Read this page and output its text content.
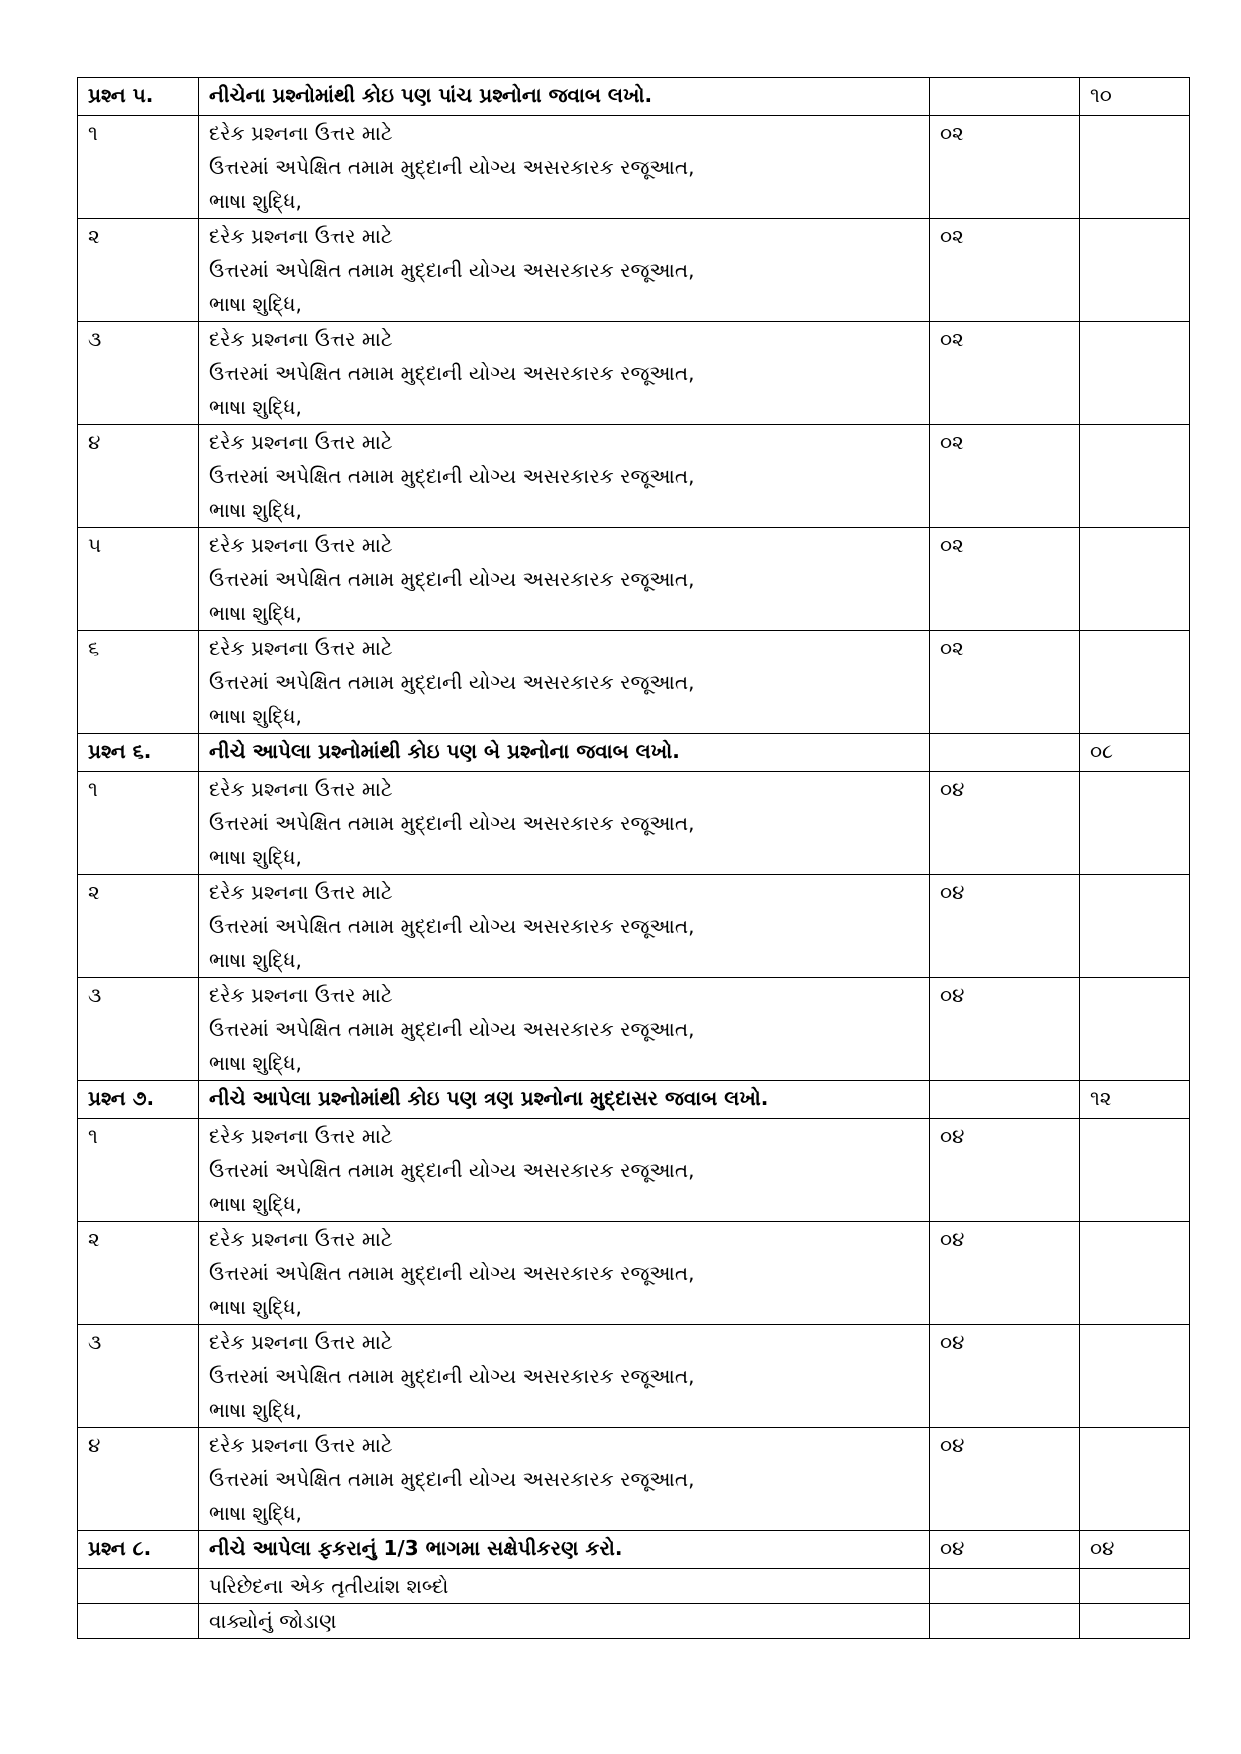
પ્રશ્ન ૫.	નીચેના પ્રશ્નોમાંથી કોઇ પણ પાંચ પ્રશ્નોના જવાબ લખો.		૧૦
૧	દરેક પ્રશ્નના ઉત્તર માટે
ઉત્તરમાં અપેક્ષિત તમામ મુદ્દાની યોગ્ય અસરકારક રજૂઆત,
ભાષા શુદ્ધિ,	૦૨	
૨	દરેક પ્રશ્નના ઉત્તર માટે
ઉત્તરમાં અપેક્ષિત તમામ મુદ્દાની યોગ્ય અસરકારક રજૂઆત,
ભાષા શુદ્ધિ,	૦૨	
૩	દરેક પ્રશ્નના ઉત્તર માટે
ઉત્તરમાં અપેક્ષિત તમામ મુદ્દાની યોગ્ય અસરકારક રજૂઆત,
ભાષા શુદ્ધિ,	૦૨	
૪	દરેક પ્રશ્નના ઉત્તર માટે
ઉત્તરમાં અપેક્ષિત તમામ મુદ્દાની યોગ્ય અસરકારક રજૂઆત,
ભાષા શુદ્ધિ,	૦૨	
૫	દરેક પ્રશ્નના ઉત્તર માટે
ઉત્તરમાં અપેક્ષિત તમામ મુદ્દાની યોગ્ય અસરકારક રજૂઆત,
ભાષા શુદ્ધિ,	૦૨	
૬	દરેક પ્રશ્નના ઉત્તર માટે
ઉત્તરમાં અપેક્ષિત તમામ મુદ્દાની યોગ્ય અસરકારક રજૂઆત,
ભાષા શુદ્ધિ,	૦૨	
પ્રશ્ન ૬.	નીચે આપેલા પ્રશ્નોમાંથી કોઇ પણ બે પ્રશ્નોના જવાબ લખો.		૦૮
૧	દરેક પ્રશ્નના ઉત્તર માટે
ઉત્તરમાં અપેક્ષિત તમામ મુદ્દાની યોગ્ય અસરકારક રજૂઆત,
ભાષા શુદ્ધિ,	૦૪	
૨	દરેક પ્રશ્નના ઉત્તર માટે
ઉત્તરમાં અપેક્ષિત તમામ મુદ્દાની યોગ્ય અસરકારક રજૂઆત,
ભાષા શુદ્ધિ,	૦૪	
૩	દરેક પ્રશ્નના ઉત્તર માટે
ઉત્તરમાં અપેક્ષિત તમામ મુદ્દાની યોગ્ય અસરકારક રજૂઆત,
ભાષા શુદ્ધિ,	૦૪	
પ્રશ્ન ૭.	નીચે આપેલા પ્રશ્નોમાંથી કોઇ પણ ત્રણ પ્રશ્નોના મુદ્દાસર જવાબ લખો.		૧૨
૧	દરેક પ્રશ્નના ઉત્તર માટે
ઉત્તરમાં અપેક્ષિત તમામ મુદ્દાની યોગ્ય અસરકારક રજૂઆત,
ભાષા શુદ્ધિ,	૦૪	
૨	દરેક પ્રશ્નના ઉત્તર માટે
ઉત્તરમાં અપેક્ષિત તમામ મુદ્દાની યોગ્ય અસરકારક રજૂઆત,
ભાષા શુદ્ધિ,	૦૪	
૩	દરેક પ્રશ્નના ઉત્તર માટે
ઉત્તરમાં અપેક્ષિત તમામ મુદ્દાની યોગ્ય અસરકારક રજૂઆત,
ભાષા શુદ્ધિ,	૦૪	
૪	દરેક પ્રશ્નના ઉત્તર માટે
ઉત્તરમાં અપેક્ષિત તમામ મુદ્દાની યોગ્ય અસરકારક રજૂઆત,
ભાષા શુદ્ધિ,	૦૪	
પ્રશ્ન ૮.	નીચે આપેલા ફકરાનું 1/3 ભાગમા સક્ષેપીકરણ કરો.	૦૪	૦૪
	પરિછેદના એક તૃતીયાંશ શબ્દો		
	વાક્યોનું જોડાણ		
